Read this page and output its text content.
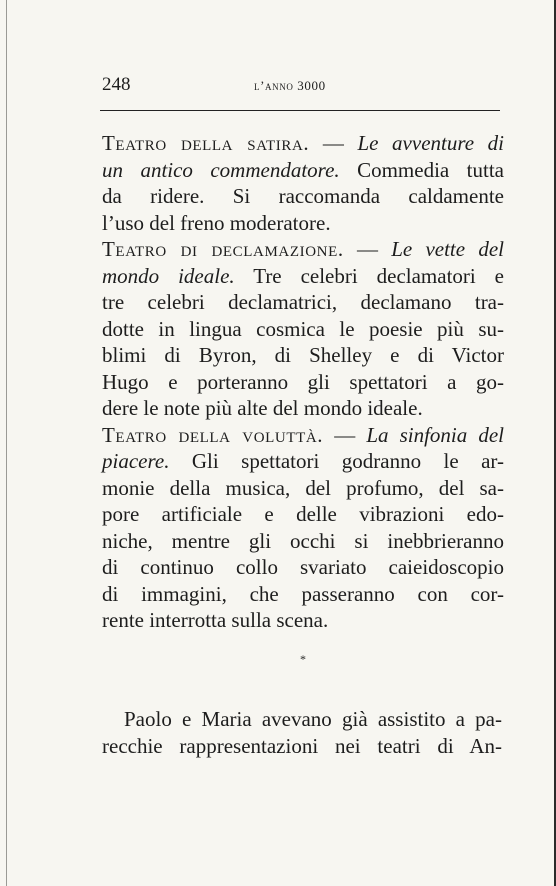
248	l’anno 3000
Teatro della satira. — Le avventure di
un antico commendatore. Commedia tutta
da ridere. Si raccomanda caldamente
l’uso del freno moderatore.
Teatro di declamazione. — Le vette del
mondo ideale. Tre celebri declamatori e
tre celebri declamatrici, declamano tra-
dotte in lingua cosmica le poesie più su-
blimi di Byron, di Shelley e di Victor
Hugo e porteranno gli spettatori a go-
dere le note più alte del mondo ideale.
Teatro della voluttà. — La sinfonia del
piacere. Gli spettatori godranno le ar-
monie della musica, del profumo, del sa-
pore artificiale e delle vibrazioni edo-
niche, mentre gli occhi si inebbrieranno
di continuo collo svariato caieidoscopio
di immagini, che passeranno con cor-
rente interrotta sulla scena.
*
Paolo e Maria avevano già assistito a pa-
recchie rappresentazioni nei teatri di An-
